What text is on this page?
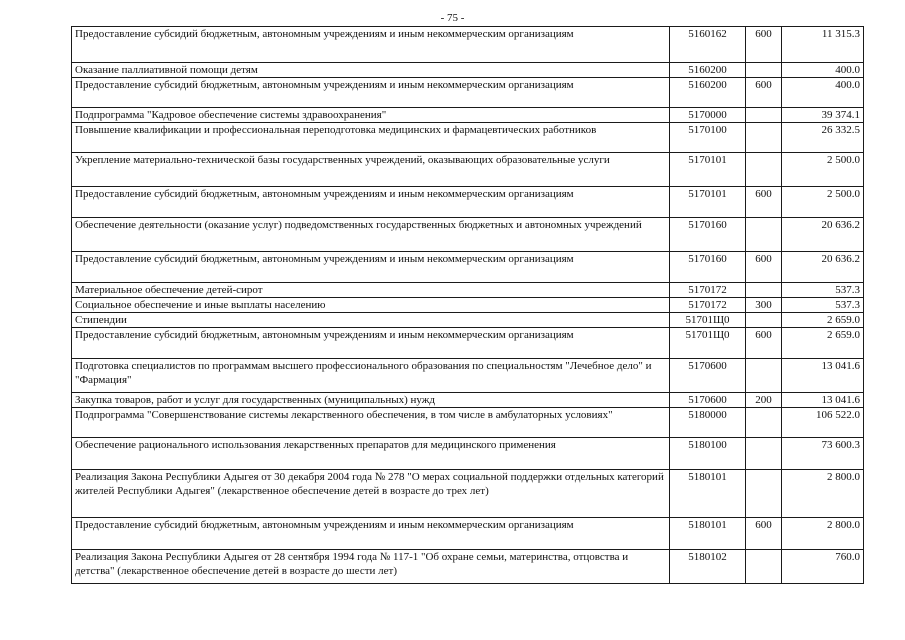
- 75 -
Предоставление субсидий бюджетным, автономным учреждениям и иным некоммерческим организациям	5160162	600	11 315.3
Оказание паллиативной помощи детям	5160200		400.0
Предоставление субсидий бюджетным, автономным учреждениям и иным некоммерческим организациям	5160200	600	400.0
Подпрограмма "Кадровое обеспечение системы здравоохранения"	5170000		39 374.1
Повышение квалификации и профессиональная переподготовка медицинских и фармацевтических работников	5170100		26 332.5
Укрепление материально-технической базы государственных учреждений, оказывающих образовательные услуги	5170101		2 500.0
Предоставление субсидий бюджетным, автономным учреждениям и иным некоммерческим организациям	5170101	600	2 500.0
Обеспечение деятельности (оказание услуг) подведомственных государственных бюджетных и автономных учреждений	5170160		20 636.2
Предоставление субсидий бюджетным, автономным учреждениям и иным некоммерческим организациям	5170160	600	20 636.2
Материальное обеспечение детей-сирот	5170172		537.3
Социальное обеспечение и иные выплаты населению	5170172	300	537.3
Стипендии	51701Щ0		2 659.0
Предоставление субсидий бюджетным, автономным учреждениям и иным некоммерческим организациям	51701Щ0	600	2 659.0
Подготовка специалистов по программам высшего профессионального образования по специальностям "Лечебное дело" и "Фармация"	5170600		13 041.6
Закупка товаров, работ и услуг для государственных (муниципальных) нужд	5170600	200	13 041.6
Подпрограмма "Совершенствование системы лекарственного обеспечения, в том числе в амбулаторных условиях"	5180000		106 522.0
Обеспечение рационального использования лекарственных препаратов для медицинского применения	5180100		73 600.3
Реализация Закона Республики Адыгея от 30 декабря 2004 года № 278 "О мерах социальной поддержки отдельных категорий жителей Республики Адыгея" (лекарственное обеспечение детей в возрасте до трех лет)	5180101		2 800.0
Предоставление субсидий бюджетным, автономным учреждениям и иным некоммерческим организациям	5180101	600	2 800.0
Реализация Закона Республики Адыгея от 28 сентября 1994 года № 117-1 "Об охране семьи, материнства, отцовства и детства" (лекарственное обеспечение детей в возрасте до шести лет)	5180102		760.0
